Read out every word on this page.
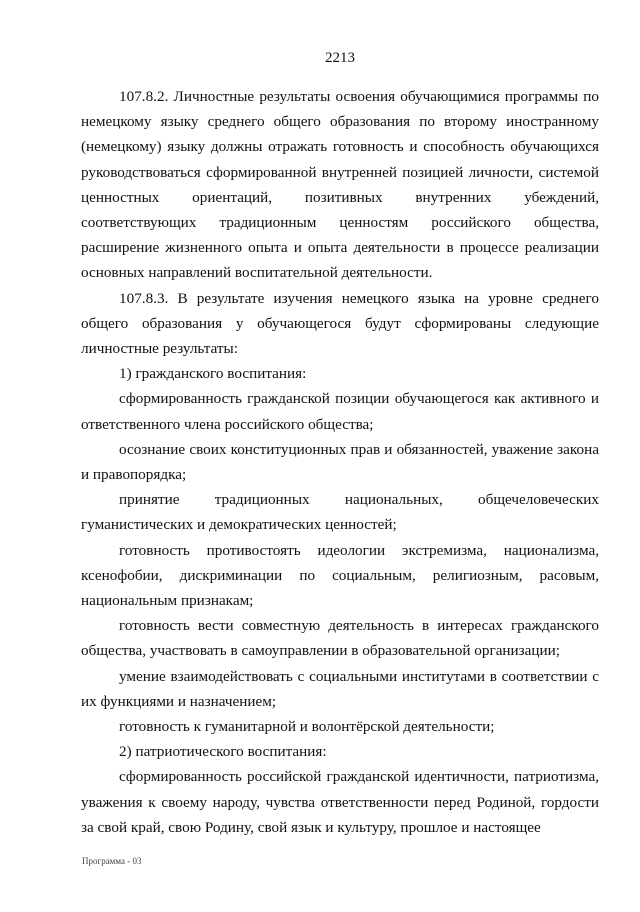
2213

107.8.2. Личностные результаты освоения обучающимися программы по немецкому языку среднего общего образования по второму иностранному (немецкому) языку должны отражать готовность и способность обучающихся руководствоваться сформированной внутренней позицией личности, системой ценностных ориентаций, позитивных внутренних убеждений, соответствующих традиционным ценностям российского общества, расширение жизненного опыта и опыта деятельности в процессе реализации основных направлений воспитательной деятельности.

107.8.3. В результате изучения немецкого языка на уровне среднего общего образования у обучающегося будут сформированы следующие личностные результаты:

1) гражданского воспитания:

сформированность гражданской позиции обучающегося как активного и ответственного члена российского общества;

осознание своих конституционных прав и обязанностей, уважение закона и правопорядка;

принятие традиционных национальных, общечеловеческих гуманистических и демократических ценностей;

готовность противостоять идеологии экстремизма, национализма, ксенофобии, дискриминации по социальным, религиозным, расовым, национальным признакам;

готовность вести совместную деятельность в интересах гражданского общества, участвовать в самоуправлении в образовательной организации;

умение взаимодействовать с социальными институтами в соответствии с их функциями и назначением;

готовность к гуманитарной и волонтёрской деятельности;

2) патриотического воспитания:

сформированность российской гражданской идентичности, патриотизма, уважения к своему народу, чувства ответственности перед Родиной, гордости за свой край, свою Родину, свой язык и культуру, прошлое и настоящее

Программа - 03
